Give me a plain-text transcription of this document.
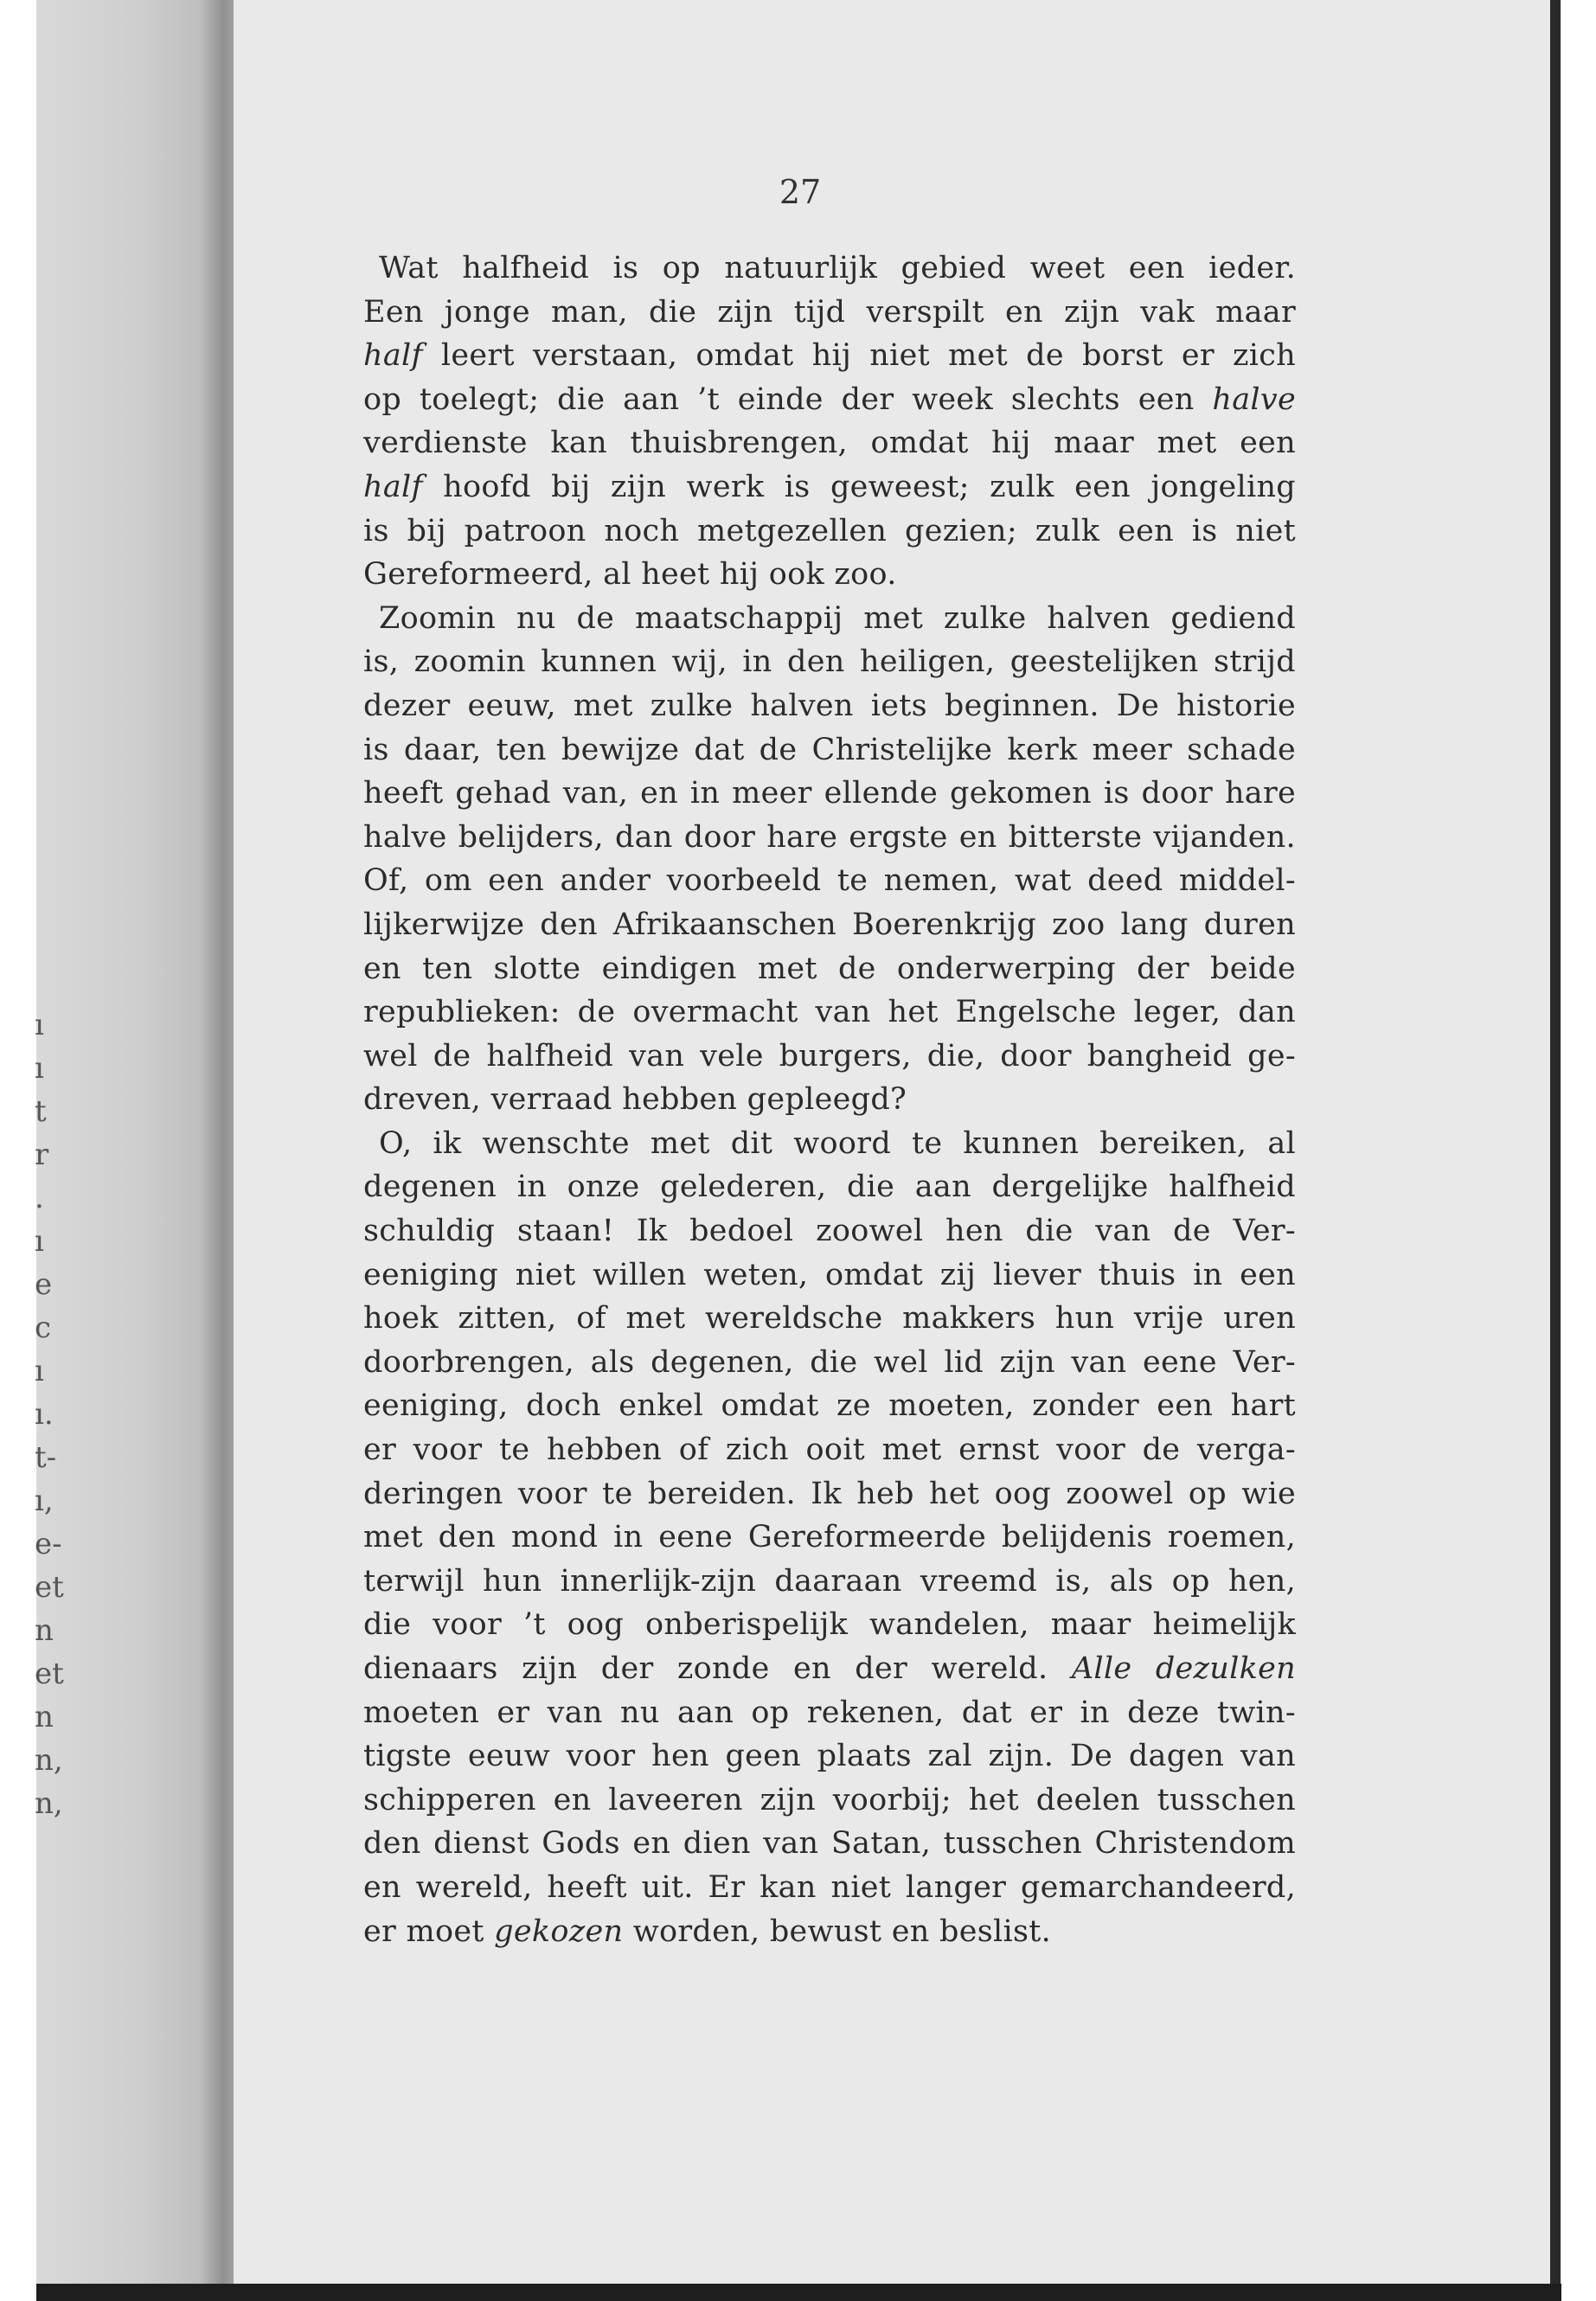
ı
ı
t
r
.
ı
e
c
ı
ı.
t-
ı,
e-
et
n
et
n
n,
n,
27
Wat halfheid is op natuurlijk gebied weet een ieder.
Een jonge man, die zijn tijd verspilt en zijn vak maar
half leert verstaan, omdat hij niet met de borst er zich
op toelegt; die aan ’t einde der week slechts een halve
verdienste kan thuisbrengen, omdat hij maar met een
half hoofd bij zijn werk is geweest; zulk een jongeling
is bij patroon noch metgezellen gezien; zulk een is niet
Gereformeerd, al heet hij ook zoo.
Zoomin nu de maatschappij met zulke halven gediend
is, zoomin kunnen wij, in den heiligen, geestelijken strijd
dezer eeuw, met zulke halven iets beginnen. De historie
is daar, ten bewijze dat de Christelijke kerk meer schade
heeft gehad van, en in meer ellende gekomen is door hare
halve belijders, dan door hare ergste en bitterste vijanden.
Of, om een ander voorbeeld te nemen, wat deed middel-
lijkerwijze den Afrikaanschen Boerenkrijg zoo lang duren
en ten slotte eindigen met de onderwerping der beide
republieken: de overmacht van het Engelsche leger, dan
wel de halfheid van vele burgers, die, door bangheid ge-
dreven, verraad hebben gepleegd?
O, ik wenschte met dit woord te kunnen bereiken, al
degenen in onze gelederen, die aan dergelijke halfheid
schuldig staan! Ik bedoel zoowel hen die van de Ver-
eeniging niet willen weten, omdat zij liever thuis in een
hoek zitten, of met wereldsche makkers hun vrije uren
doorbrengen, als degenen, die wel lid zijn van eene Ver-
eeniging, doch enkel omdat ze moeten, zonder een hart
er voor te hebben of zich ooit met ernst voor de verga-
deringen voor te bereiden. Ik heb het oog zoowel op wie
met den mond in eene Gereformeerde belijdenis roemen,
terwijl hun innerlijk-zijn daaraan vreemd is, als op hen,
die voor ’t oog onberispelijk wandelen, maar heimelijk
dienaars zijn der zonde en der wereld. Alle dezulken
moeten er van nu aan op rekenen, dat er in deze twin-
tigste eeuw voor hen geen plaats zal zijn. De dagen van
schipperen en laveeren zijn voorbij; het deelen tusschen
den dienst Gods en dien van Satan, tusschen Christendom
en wereld, heeft uit. Er kan niet langer gemarchandeerd,
er moet gekozen worden, bewust en beslist.
